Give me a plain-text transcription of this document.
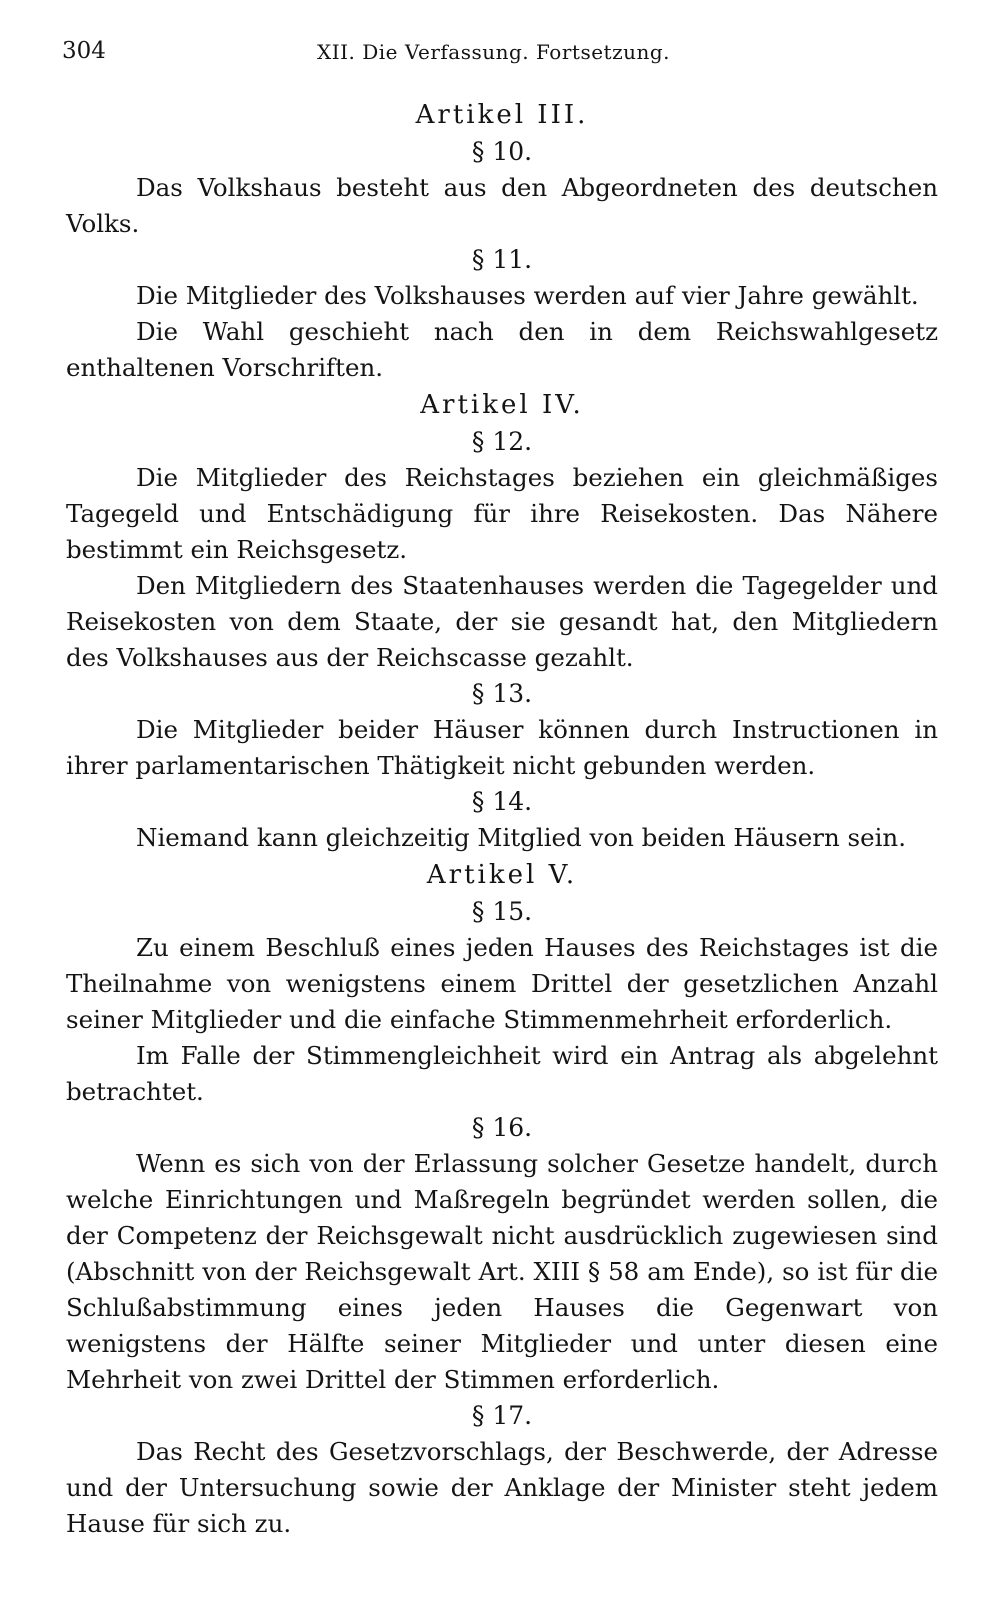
304	XII. Die Verfassung. Fortsetzung.
Artikel III.
§ 10.

Das Volkshaus besteht aus den Abgeordneten des deutschen Volks.

§ 11.

Die Mitglieder des Volkshauses werden auf vier Jahre gewählt.

Die Wahl geschieht nach den in dem Reichswahlgesetz enthaltenen Vorschriften.

Artikel IV.
§ 12.

Die Mitglieder des Reichstages beziehen ein gleichmäßiges Tagegeld und Entschädigung für ihre Reisekosten. Das Nähere bestimmt ein Reichsgesetz.

Den Mitgliedern des Staatenhauses werden die Tagegelder und Reisekosten von dem Staate, der sie gesandt hat, den Mitgliedern des Volkshauses aus der Reichscasse gezahlt.

§ 13.

Die Mitglieder beider Häuser können durch Instructionen in ihrer parlamentarischen Thätigkeit nicht gebunden werden.

§ 14.

Niemand kann gleichzeitig Mitglied von beiden Häusern sein.

Artikel V.
§ 15.

Zu einem Beschluß eines jeden Hauses des Reichstages ist die Theilnahme von wenigstens einem Drittel der gesetzlichen Anzahl seiner Mitglieder und die einfache Stimmenmehrheit erforderlich.

Im Falle der Stimmengleichheit wird ein Antrag als abgelehnt betrachtet.

§ 16.

Wenn es sich von der Erlassung solcher Gesetze handelt, durch welche Einrichtungen und Maßregeln begründet werden sollen, die der Competenz der Reichsgewalt nicht ausdrücklich zugewiesen sind (Abschnitt von der Reichsgewalt Art. XIII § 58 am Ende), so ist für die Schlußabstimmung eines jeden Hauses die Gegenwart von wenigstens der Hälfte seiner Mitglieder und unter diesen eine Mehrheit von zwei Drittel der Stimmen erforderlich.

§ 17.

Das Recht des Gesetzvorschlags, der Beschwerde, der Adresse und der Untersuchung sowie der Anklage der Minister steht jedem Hause für sich zu.
